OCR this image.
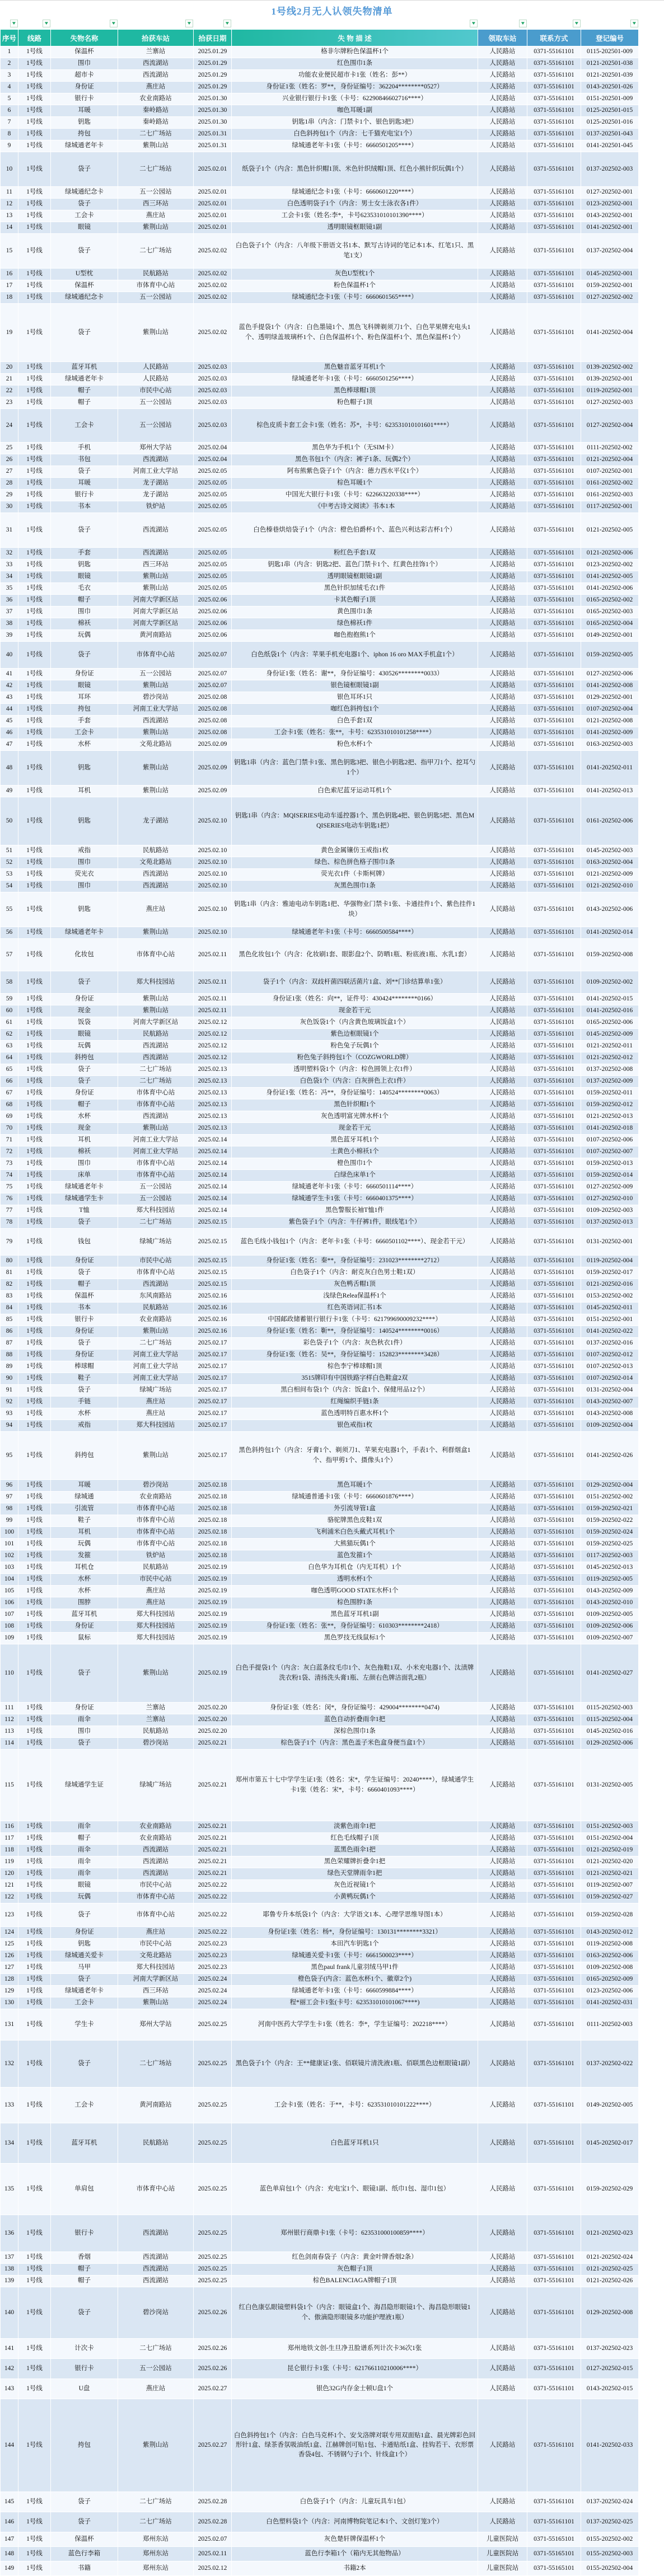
1号线2月无人认领失物清单
▼	▼	▼	▼	▼	▼	▼	▼	▼
序号	线路	失物名称	拾获车站	拾获日期	失 物 描 述	领取车站	联系方式	登记编号
1	1号线	保温杯	兰寨站	2025.01.29	格非尔牌粉色保温杯1个	人民路站	0371-55161101	0115-202501-009
2	1号线	围巾	西流湖站	2025.01.29	红色围巾1条	人民路站	0371-55161101	0121-202501-038
3	1号线	超市卡	西流湖站	2025.01.29	功能农业便民超市卡1张（姓名：彭**）	人民路站	0371-55161101	0121-202501-039
4	1号线	身份证	燕庄站	2025.01.29	身份证1张（姓名：罗**，身份证编号：362204********0527）	人民路站	0371-55161101	0143-202501-026
5	1号线	银行卡	农业南路站	2025.01.30	兴业银行银行卡1张（卡号：62290846602716****）	人民路站	0371-55161101	0151-202501-009
6	1号线	耳暖	秦岭路站	2025.01.30	咖色耳暖1副	人民路站	0371-55161101	0125-202501-015
7	1号线	钥匙	秦岭路站	2025.01.30	钥匙1串（内含：门禁卡1个、银色钥匙3把）	人民路站	0371-55161101	0125-202501-016
8	1号线	挎包	二七广场站	2025.01.31	白色斜挎包1个（内含：七千猫充电宝1个）	人民路站	0371-55161101	0137-202501-043
9	1号线	绿城通老年卡	紫荆山站	2025.01.31	绿城通老年卡1张（卡号：6660501205****）	人民路站	0371-55161101	0141-202501-045
10	1号线	袋子	二七广场站	2025.02.01	纸袋子1个（内含：黑色针织帽1顶、米色针织绒帽1顶、红色小熊针织玩偶1个）	人民路站	0371-55161101	0137-202502-003
11	1号线	绿城通纪念卡	五一公园站	2025.02.01	绿城通纪念卡1张（卡号：6660601220****）	人民路站	0371-55161101	0127-202502-001
12	1号线	袋子	西三环站	2025.02.01	白色透明袋子1个（内含：男士女士泳衣各1件）	人民路站	0371-55161101	0123-202502-001
13	1号线	工会卡	燕庄站	2025.02.01	工会卡1张（姓名:李*，卡号623531010101390****）	人民路站	0371-55161101	0143-202502-001
14	1号线	眼镜	紫荆山站	2025.02.01	透明眼镜框眼镜1副	人民路站	0371-55161101	0141-202502-001
15	1号线	袋子	二七广场站	2025.02.02	白色袋子1个（内含：八年级下册语文书1本、默写古诗词的笔记本1本、红笔1只、黑笔1支）	人民路站	0371-55161101	0137-202502-004
16	1号线	U型枕	民航路站	2025.02.02	灰色U型枕1个	人民路站	0371-55161101	0145-202502-001
17	1号线	保温杯	市体育中心站	2025.02.02	粉色保温杯1个	人民路站	0371-55161101	0159-202502-001
18	1号线	绿城通纪念卡	五一公园站	2025.02.02	绿城通纪念卡1张（卡号：6660601565****）	人民路站	0371-55161101	0127-202502-002
19	1号线	袋子	紫荆山站	2025.02.02	蓝色手提袋1个（内含：白色墨镜1个、黑色飞科牌剃须刀1个、白色苹果牌充电头1个、透明绿盖玻璃杯1个、白色保温杯1个、粉色保温杯1个、黑色保温杯1个）	人民路站	0371-55161101	0141-202502-004
20	1号线	蓝牙耳机	人民路站	2025.02.03	黑色魅音蓝牙耳机1个	人民路站	0371-55161101	0139-202502-002
21	1号线	绿城通老年卡	人民路站	2025.02.03	绿城通老年卡1张（卡号：6660501256****）	人民路站	0371-55161101	0139-202502-001
22	1号线	帽子	市民中心站	2025.02.03	黑色棒球帽1顶	人民路站	0371-55161101	0119-202502-001
23	1号线	帽子	五一公园站	2025.02.03	粉色帽子1顶	人民路站	0371-55161101	0127-202502-003
24	1号线	工会卡	五一公园站	2025.02.03	棕色皮质卡套工会卡1张（姓名：苏*，卡号：623531010101601****）	人民路站	0371-55161101	0127-202502-004
25	1号线	手机	郑州大学站	2025.02.04	黑色华为手机1个（无SIM卡）	人民路站	0371-55161101	0111-202502-002
26	1号线	书包	西流湖站	2025.02.04	黑色书包1个（内含：裤子1条、玩偶2个）	人民路站	0371-55161101	0121-202502-004
27	1号线	袋子	河南工业大学站	2025.02.05	阿布熊紫色袋子1个（内含：德力西水平仪1个）	人民路站	0371-55161101	0107-202502-001
28	1号线	耳暖	龙子湖站	2025.02.05	棕色耳暖1个	人民路站	0371-55161101	0161-202502-002
29	1号线	银行卡	龙子湖站	2025.02.05	中国光大银行卡1张（卡号：622663220338****）	人民路站	0371-55161101	0161-202502-003
30	1号线	书本	铁炉站	2025.02.05	《中考古诗文阅读》书本1本	人民路站	0371-55161101	0117-202502-001
31	1号线	袋子	西流湖站	2025.02.05	白色榛巷烘焙袋子1个（内含：橙色伯爵杯1个、蓝色兴利达彩吉杯1个）	人民路站	0371-55161101	0121-202502-005
32	1号线	手套	西流湖站	2025.02.05	粉红色手套1双	人民路站	0371-55161101	0121-202502-006
33	1号线	钥匙	西三环站	2025.02.05	钥匙1串（内含：钥匙2把、蓝色门禁卡1个、红黄色挂饰1个）	人民路站	0371-55161101	0123-202502-002
34	1号线	眼镜	紫荆山站	2025.02.05	透明眼镜框眼镜1副	人民路站	0371-55161101	0141-202502-005
35	1号线	毛衣	紫荆山站	2025.02.05	黑色针织加绒毛衣1件	人民路站	0371-55161101	0141-202502-006
36	1号线	帽子	河南大学新区站	2025.02.06	卡其色帽子1顶	人民路站	0371-55161101	0165-202502-002
37	1号线	围巾	河南大学新区站	2025.02.06	黄色围巾1条	人民路站	0371-55161101	0165-202502-003
38	1号线	棉袄	河南大学新区站	2025.02.06	绿色棉袄1件	人民路站	0371-55161101	0165-202502-004
39	1号线	玩偶	黄河南路站	2025.02.06	咖色抱抱熊1个	人民路站	0371-55161101	0149-202502-001
40	1号线	袋子	市体育中心站	2025.02.07	白色纸袋1个（内含：苹果手机充电器1个、iphon 16 oro MAX手机盒1个）	人民路站	0371-55161101	0159-202502-005
41	1号线	身份证	五一公园站	2025.02.07	身份证1张（姓名：谢**，身份证编号：430526********0033）	人民路站	0371-55161101	0127-202502-006
42	1号线	眼镜	紫荆山站	2025.02.07	银色镜框眼镜1副	人民路站	0371-55161101	0141-202502-008
43	1号线	耳环	碧沙岗站	2025.02.08	银色耳环1只	人民路站	0371-55161101	0129-202502-001
44	1号线	挎包	河南工业大学站	2025.02.08	咖红色斜挎包1个	人民路站	0371-55161101	0107-202502-004
45	1号线	手套	西流湖站	2025.02.08	白色手套1双	人民路站	0371-55161101	0121-202502-008
46	1号线	工会卡	紫荆山站	2025.02.08	工会卡1张（姓名：张**，卡号：623531010101258****）	人民路站	0371-55161101	0141-202502-009
47	1号线	水杯	文苑北路站	2025.02.09	粉色水杯1个	人民路站	0371-55161101	0163-202502-003
48	1号线	钥匙	紫荆山站	2025.02.09	钥匙1串（内含：蓝色门禁卡1张、黑色钥匙3把、银色小钥匙2把、指甲刀1个、挖耳勺1个）	人民路站	0371-55161101	0141-202502-011
49	1号线	耳机	紫荆山站	2025.02.09	白色索尼蓝牙运动耳机1个	人民路站	0371-55161101	0141-202502-013
50	1号线	钥匙	龙子湖站	2025.02.10	钥匙1串（内含：MQISERIES电动车遥控器1个、黑色钥匙4把、银色钥匙5把、黑色MQISERIES电动车钥匙1把）	人民路站	0371-55161101	0161-202502-006
51	1号线	戒指	民航路站	2025.02.10	黄色金属镶仿玉戒指1枚	人民路站	0371-55161101	0145-202502-003
52	1号线	围巾	文苑北路站	2025.02.10	绿色、棕色拼色格子围巾1条	人民路站	0371-55161101	0163-202502-004
53	1号线	荧光衣	西流湖站	2025.02.10	荧光衣1件（卡斯柯牌）	人民路站	0371-55161101	0121-202502-009
54	1号线	围巾	西流湖站	2025.02.10	灰黑色围巾1条	人民路站	0371-55161101	0121-202502-010
55	1号线	钥匙	燕庄站	2025.02.10	钥匙1串（内含：雅迪电动车钥匙1把、华强物业门禁卡1张、卡通挂件1个、紫色挂件1块）	人民路站	0371-55161101	0143-202502-006
56	1号线	绿城通老年卡	紫荆山站	2025.02.10	绿城通老年卡1张（卡号：6660500584****）	人民路站	0371-55161101	0141-202502-014
57	1号线	化妆包	市体育中心站	2025.02.11	黑色化妆包1个（内含：化妆刷1套、眼影盘2个、防晒1瓶、粉底液1瓶、水乳1套）	人民路站	0371-55161101	0159-202502-008
58	1号线	袋子	郑大科技园站	2025.02.11	袋子1个（内含：双歧杆菌四联活菌片1盒、刘**门诊结算单1张）	人民路站	0371-55161101	0109-202502-002
59	1号线	身份证	紫荆山站	2025.02.11	身份证1张（姓名：向**，证件号：430424********0166）	人民路站	0371-55161101	0141-202502-015
60	1号线	现金	紫荆山站	2025.02.11	现金若干元	人民路站	0371-55161101	0141-202502-016
61	1号线	饭袋	河南大学新区站	2025.02.12	灰色饭袋1个（内含黄色玻璃饭盒1个）	人民路站	0371-55161101	0165-202502-006
62	1号线	眼镜	民航路站	2025.02.12	紫色边框眼镜1个	人民路站	0371-55161101	0145-202502-009
63	1号线	玩偶	西流湖站	2025.02.12	粉色兔子玩偶1个	人民路站	0371-55161101	0121-202502-011
64	1号线	斜挎包	西流湖站	2025.02.12	粉色兔子斜挎包1个（COZGWORLD牌）	人民路站	0371-55161101	0121-202502-012
65	1号线	袋子	二七广场站	2025.02.13	透明塑料袋1个（内含：棕色圆领上衣1件）	人民路站	0371-55161101	0137-202502-008
66	1号线	袋子	二七广场站	2025.02.13	白色袋1个（内含：白灰拼色上衣1件）	人民路站	0371-55161101	0137-202502-009
67	1号线	身份证	市体育中心站	2025.02.13	身份证1张（姓名：冯**，身份证编号：140524********0063）	人民路站	0371-55161101	0159-202502-011
68	1号线	帽子	市体育中心站	2025.02.13	黑色针织帽1个	人民路站	0371-55161101	0159-202502-012
69	1号线	水杯	西流湖站	2025.02.13	灰色透明富光牌水杯1个	人民路站	0371-55161101	0121-202502-013
70	1号线	现金	紫荆山站	2025.02.13	现金若干元	人民路站	0371-55161101	0141-202502-018
71	1号线	耳机	河南工业大学站	2025.02.14	黑色蓝牙耳机1个	人民路站	0371-55161101	0107-202502-006
72	1号线	棉袄	河南工业大学站	2025.02.14	土黄色小棉袄1个	人民路站	0371-55161101	0107-202502-007
73	1号线	围巾	市体育中心站	2025.02.14	橙色围巾1个	人民路站	0371-55161101	0159-202502-013
74	1号线	床单	市体育中心站	2025.02.14	白绿色床单1个	人民路站	0371-55161101	0159-202502-014
75	1号线	绿城通老年卡	五一公园站	2025.02.14	绿城通老年卡1张（卡号：6660501114****）	人民路站	0371-55161101	0127-202502-009
76	1号线	绿城通学生卡	五一公园站	2025.02.14	绿城通学生卡1张（卡号：6660401375****）	人民路站	0371-55161101	0127-202502-010
77	1号线	T恤	郑大科技园站	2025.02.14	黑色警服长袖T恤1件	人民路站	0371-55161101	0109-202502-003
78	1号线	袋子	二七广场站	2025.02.15	紫色袋子1个（内含：牛仔裤1件，眼线笔1个）	人民路站	0371-55161101	0137-202502-013
79	1号线	钱包	绿城广场站	2025.02.15	蓝色毛线小钱包1个（内含：老年卡1张（卡号：6660501102****）、现金若干元）	人民路站	0371-55161101	0131-202502-001
80	1号线	身份证	市民中心站	2025.02.15	身份证1张（姓名：秦**，身份证编号：231023********2712）	人民路站	0371-55161101	0119-202502-004
81	1号线	袋子	市体育中心站	2025.02.15	白色袋子1个（内含：耐克灰白色男士鞋1双）	人民路站	0371-55161101	0159-202502-017
82	1号线	帽子	西流湖站	2025.02.15	灰色鸭舌帽1顶	人民路站	0371-55161101	0121-202502-016
83	1号线	保温杯	东风南路站	2025.02.16	浅绿色Relea保温杯1个	人民路站	0371-55161101	0153-202502-002
84	1号线	书本	民航路站	2025.02.16	红色英语词汇书1本	人民路站	0371-55161101	0145-202502-011
85	1号线	银行卡	农业南路站	2025.02.16	中国邮政储蓄银行银行卡1张（卡号：621799690009232****）	人民路站	0371-55161101	0151-202502-001
86	1号线	身份证	紫荆山站	2025.02.16	身份证1张（姓名：靳**，身份证编号：140524********0016）	人民路站	0371-55161101	0141-202502-022
87	1号线	袋子	二七广场站	2025.02.17	彩色袋子1个（内含：灰色秋衣1件）	人民路站	0371-55161101	0137-202502-016
88	1号线	身份证	河南工业大学站	2025.02.17	身份证1张（姓名：吴**，身份证编号：152823********3428）	人民路站	0371-55161101	0107-202502-012
89	1号线	棒球帽	河南工业大学站	2025.02.17	棕色李宁棒球帽1顶	人民路站	0371-55161101	0107-202502-013
90	1号线	鞋子	河南工业大学站	2025.02.17	3515牌印有中国铁路字样白色鞋盒2双	人民路站	0371-55161101	0107-202502-014
91	1号线	袋子	绿城广场站	2025.02.17	黑白相间布袋1个（内含：饭盒1个、保健用品12个）	人民路站	0371-55161101	0131-202502-004
92	1号线	手链	燕庄站	2025.02.17	红绳编织手链1条	人民路站	0371-55161101	0143-202502-007
93	1号线	水杯	燕庄站	2025.02.17	蓝色透明特百惠水杯1个	人民路站	0371-55161101	0143-202502-008
94	1号线	戒指	郑大科技园站	2025.02.17	银色戒指1枚	人民路站	0371-55161101	0109-202502-004
95	1号线	斜挎包	紫荆山站	2025.02.17	黑色斜挎包1个（内含：牙膏1个、剃须刀1、苹果充电器1个，手表1个、利群烟盒1个、指甲剪1个、摄像头1个）	人民路站	0371-55161101	0141-202502-026
96	1号线	耳暖	碧沙岗站	2025.02.18	黑色耳暖1个	人民路站	0371-55161101	0129-202502-004
97	1号线	绿城通	农业南路站	2025.02.18	绿城通普通卡1张（卡号：6660601876****）	人民路站	0371-55161101	0151-202502-002
98	1号线	引流管	市体育中心站	2025.02.18	外引流导管1盒	人民路站	0371-55161101	0159-202502-021
99	1号线	鞋子	市体育中心站	2025.02.18	骆驼牌黑色皮鞋1双	人民路站	0371-55161101	0159-202502-022
100	1号线	耳机	市体育中心站	2025.02.18	飞利浦米白色头戴式耳机1个	人民路站	0371-55161101	0159-202502-024
101	1号线	玩偶	市体育中心站	2025.02.18	大熊猫玩偶1个	人民路站	0371-55161101	0159-202502-025
102	1号线	发箍	铁炉站	2025.02.18	蓝色发箍1个	人民路站	0371-55161101	0117-202502-003
103	1号线	耳机仓	民航路站	2025.02.19	白色华为耳机仓（内无耳机）1个	人民路站	0371-55161101	0145-202502-013
104	1号线	水杯	市民中心站	2025.02.19	透明水杯1个	人民路站	0371-55161101	0119-202502-005
105	1号线	水杯	燕庄站	2025.02.19	咖色透明GOOD STATE水杯1个	人民路站	0371-55161101	0143-202502-009
106	1号线	围脖	燕庄站	2025.02.19	棕色围脖1条	人民路站	0371-55161101	0143-202502-010
107	1号线	蓝牙耳机	郑大科技园站	2025.02.19	黑色蓝牙耳机1副	人民路站	0371-55161101	0109-202502-005
108	1号线	身份证	郑大科技园站	2025.02.19	身份证1张（姓名：张**，身份证编号：610303********2418）	人民路站	0371-55161101	0109-202502-006
109	1号线	鼠标	郑大科技园站	2025.02.19	黑色罗技无线鼠标1个	人民路站	0371-55161101	0109-202502-007
110	1号线	袋子	紫荆山站	2025.02.19	白色手提袋1个（内含：灰白蓝条纹毛巾1个、灰色拖鞋1双、小米充电器1个、汰渍牌洗衣粉1袋、清扬洗头膏1瓶、左颜右色牌洁面乳2瓶）	人民路站	0371-55161101	0141-202502-027
111	1号线	身份证	兰寨站	2025.02.20	身份证1张（姓名：闵*，身份证编号：429004********0474)	人民路站	0371-55161101	0115-202502-003
112	1号线	雨伞	兰寨站	2025.02.20	蓝色自动折叠雨伞1把	人民路站	0371-55161101	0115-202502-004
113	1号线	围巾	民航路站	2025.02.20	深棕色围巾1条	人民路站	0371-55161101	0145-202502-016
114	1号线	袋子	碧沙岗站	2025.02.21	棕色袋子1个（内含：黑色盖子米色盒身便当盒1个）	人民路站	0371-55161101	0129-202502-006
115	1号线	绿城通学生证	绿城广场站	2025.02.21	郑州市第五十七中学学生证1张（姓名：宋*，学生证编号：20240****），绿城通学生卡1张（姓名：宋*，卡号：6660401093****）	人民路站	0371-55161101	0131-202502-005
116	1号线	雨伞	农业南路站	2025.02.21	淡紫色雨伞1把	人民路站	0371-55161101	0151-202502-003
117	1号线	帽子	农业南路站	2025.02.21	红色毛线帽子1顶	人民路站	0371-55161101	0151-202502-004
118	1号线	雨伞	西流湖站	2025.02.21	蓝黑色雨伞1把	人民路站	0371-55161101	0121-202502-019
119	1号线	雨伞	西流湖站	2025.02.21	黑色荣耀牌折叠伞1把	人民路站	0371-55161101	0121-202502-020
120	1号线	雨伞	西流湖站	2025.02.21	绿色天堂牌雨伞1把	人民路站	0371-55161101	0121-202502-021
121	1号线	眼镜	市民中心站	2025.02.22	灰色近视镜1个	人民路站	0371-55161101	0119-202502-007
122	1号线	玩偶	市体育中心站	2025.02.22	小黄鸭玩偶1个	人民路站	0371-55161101	0159-202502-027
123	1号线	袋子	市体育中心站	2025.02.22	耶鲁专升本纸袋1个（内含：大学语文1本、心理学思维导图1本）	人民路站	0371-55161101	0159-202502-028
124	1号线	身份证	燕庄站	2025.02.22	身份证1张（姓名：杨*，身份证编号：130131********3321）	人民路站	0371-55161101	0143-202502-012
125	1号线	钥匙	市民中心站	2025.02.23	本田汽车钥匙1个	人民路站	0371-55161101	0119-202502-008
126	1号线	绿城通关爱卡	文苑北路站	2025.02.23	绿城通关爱卡1张（卡号：6661500023****）	人民路站	0371-55161101	0163-202502-006
127	1号线	马甲	郑大科技园站	2025.02.23	黑色paul frank儿童羽绒马甲1件	人民路站	0371-55161101	0109-202502-008
128	1号线	袋子	河南大学新区站	2025.02.24	橙色袋子(内含：蓝色水杯1个、徽章2个)	人民路站	0371-55161101	0165-202502-009
129	1号线	绿城通老年卡	西三环站	2025.02.24	绿城通老年卡1张（卡号：6660599884****）	人民路站	0371-55161101	0123-202502-006
130	1号线	工会卡	紫荆山站	2025.02.24	程*丽工会卡1张(卡号：623531010101067****)	人民路站	0371-55161101	0141-202502-031
131	1号线	学生卡	郑州大学站	2025.02.25	河南中医药大学学生卡1张（姓名：李*，学生证编号：202218****）	人民路站	0371-55161101	0111-202502-003
132	1号线	袋子	二七广场站	2025.02.25	黑色袋子1个（内含：王**健康证1张、佰联镜片清洗液1瓶、佰联黑色边框眼镜1副）	人民路站	0371-55161101	0137-202502-022
133	1号线	工会卡	黄河南路站	2025.02.25	工会卡1张（姓名：于**，卡号：623531010101222****）	人民路站	0371-55161101	0149-202502-005
134	1号线	蓝牙耳机	民航路站	2025.02.25	白色蓝牙耳机1只	人民路站	0371-55161101	0145-202502-017
135	1号线	单肩包	市体育中心站	2025.02.25	蓝色单肩包1个（内含：充电宝1个、眼镜1副、纸巾1包、湿巾1包）	人民路站	0371-55161101	0159-202502-029
136	1号线	银行卡	西流湖站	2025.02.25	郑州银行商鼎卡1张（卡号：623531000100859****）	人民路站	0371-55161101	0121-202502-023
137	1号线	香烟	西流湖站	2025.02.25	红色剑南春袋子（内含：黄金叶牌香烟2条）	人民路站	0371-55161101	0121-202502-024
138	1号线	帽子	西流湖站	2025.02.25	灰色帽子1顶	人民路站	0371-55161101	0121-202502-025
139	1号线	帽子	西流湖站	2025.02.25	棕色BALENCIAGA牌帽子1顶	人民路站	0371-55161101	0121-202502-026
140	1号线	袋子	碧沙岗站	2025.02.26	红白色康弘眼镜塑料袋1个（内含：眼镜盒1个、海昌隐形眼镜1个、海昌隐形眼镜1个、傲滴隐形眼镜多功能护理液1瓶）	人民路站	0371-55161101	0129-202502-008
141	1号线	计次卡	二七广场站	2025.02.26	郑州地铁文创-生旦净丑脸谱系列计次卡36次1张	人民路站	0371-55161101	0137-202502-023
142	1号线	银行卡	五一公园站	2025.02.26	昆仑银行卡1张（卡号：621766110210006****）	人民路站	0371-55161101	0127-202502-015
143	1号线	U盘	燕庄站	2025.02.27	银色32G内存金士顿U盘1个	人民路站	0371-55161101	0143-202502-015
144	1号线	挎包	紫荆山站	2025.02.27	白色斜挎包1个（内含：白色马克杯1个、安戈洛牌对联专用双面贴1盒、晨光牌彩色回形针1盒、绿茶香氛吸油纸1盒、江赫牌创可贴1包、卡通贴纸1盒、挂钩若干、衣形票香袋4包、不锈钢勺子1个、针线盒1个）	人民路站	0371-55161101	0141-202502-033
145	1号线	袋子	二七广场站	2025.02.28	白色袋子1个（内含：儿童玩具车1包）	人民路站	0371-55161101	0137-202502-024
146	1号线	袋子	二七广场站	2025.02.28	白色塑料袋1个（内含：河南博物院笔记本1个、文创灯笼3个）	人民路站	0371-55161101	0137-202502-025
147	1号线	保温杯	郑州东站	2025.02.07	灰色楚轩牌保温杯1个	儿童医院站	0371-55165101	0155-202502-002
148	1号线	蓝色行李箱	郑州东站	2025.02.11	蓝色行李箱1个（箱内无其他物品）	儿童医院站	0371-55165101	0155-202502-003
149	1号线	书籍	郑州东站	2025.02.12	书籍2本	儿童医院站	0371-55165101	0155-202502-004
